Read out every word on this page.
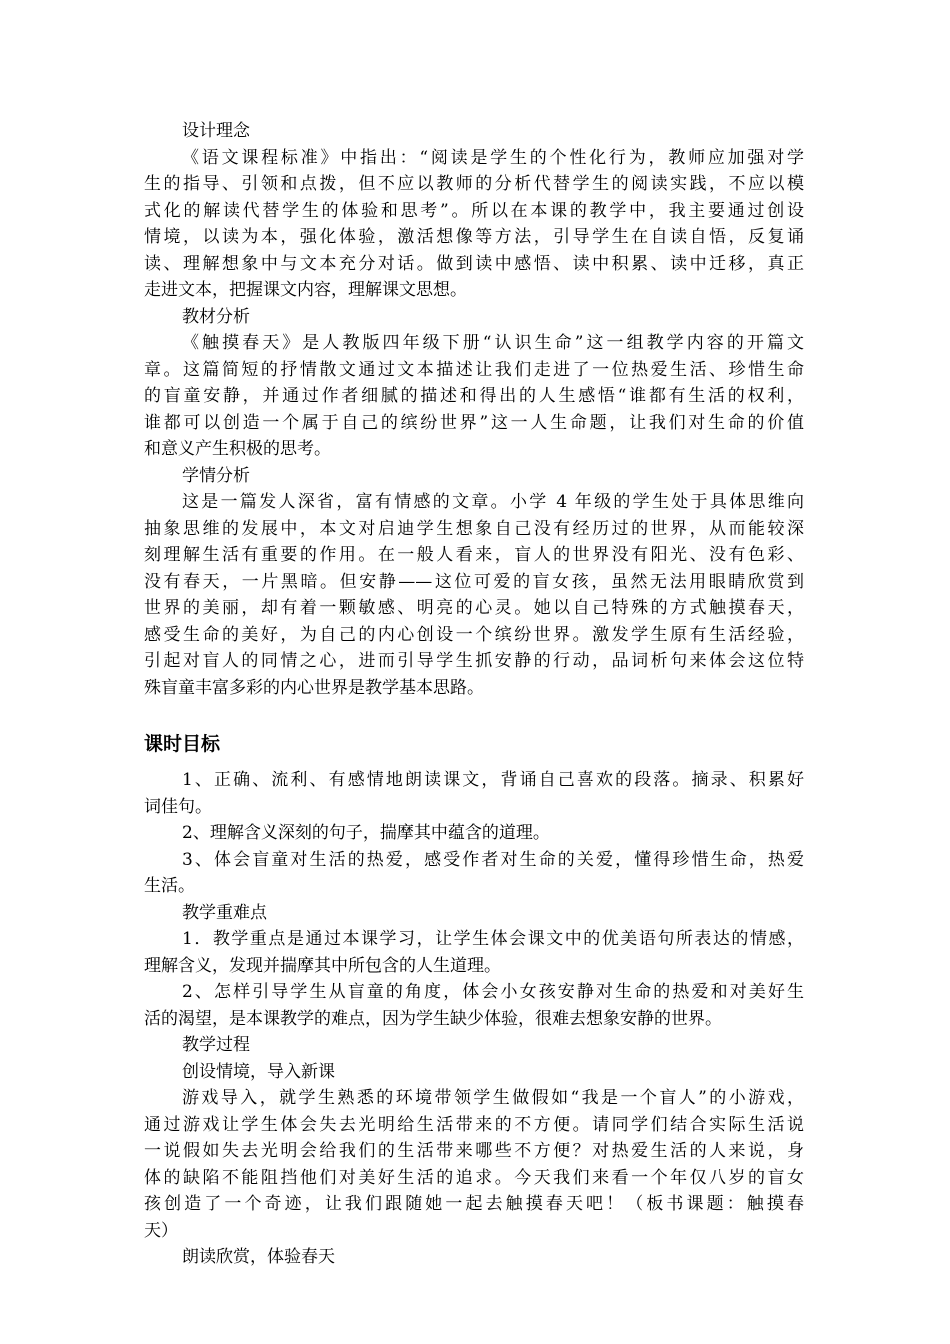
设计理念
《语文课程标准》中指出：“阅读是学生的个性化行为，教师应加强对学
生的指导、引领和点拨，但不应以教师的分析代替学生的阅读实践，不应以模
式化的解读代替学生的体验和思考”。所以在本课的教学中，我主要通过创设
情境，以读为本，强化体验，激活想像等方法，引导学生在自读自悟，反复诵
读、理解想象中与文本充分对话。做到读中感悟、读中积累、读中迁移，真正
走进文本，把握课文内容，理解课文思想。
教材分析
《触摸春天》是人教版四年级下册“认识生命”这一组教学内容的开篇文
章。这篇简短的抒情散文通过文本描述让我们走进了一位热爱生活、珍惜生命
的盲童安静，并通过作者细腻的描述和得出的人生感悟“谁都有生活的权利，
谁都可以创造一个属于自己的缤纷世界”这一人生命题，让我们对生命的价值
和意义产生积极的思考。
学情分析
这是一篇发人深省，富有情感的文章。小学 4 年级的学生处于具体思维向
抽象思维的发展中，本文对启迪学生想象自己没有经历过的世界，从而能较深
刻理解生活有重要的作用。在一般人看来，盲人的世界没有阳光、没有色彩、
没有春天，一片黑暗。但安静——这位可爱的盲女孩，虽然无法用眼睛欣赏到
世界的美丽，却有着一颗敏感、明亮的心灵。她以自己特殊的方式触摸春天，
感受生命的美好，为自己的内心创设一个缤纷世界。激发学生原有生活经验，
引起对盲人的同情之心，进而引导学生抓安静的行动，品词析句来体会这位特
殊盲童丰富多彩的内心世界是教学基本思路。
课时目标
1、正确、流利、有感情地朗读课文，背诵自己喜欢的段落。摘录、积累好
词佳句。
2、理解含义深刻的句子，揣摩其中蕴含的道理。
3、体会盲童对生活的热爱，感受作者对生命的关爱，懂得珍惜生命，热爱
生活。
教学重难点
1．教学重点是通过本课学习，让学生体会课文中的优美语句所表达的情感，
理解含义，发现并揣摩其中所包含的人生道理。
2、怎样引导学生从盲童的角度，体会小女孩安静对生命的热爱和对美好生
活的渴望，是本课教学的难点，因为学生缺少体验，很难去想象安静的世界。
教学过程
创设情境，导入新课
游戏导入，就学生熟悉的环境带领学生做假如“我是一个盲人”的小游戏，
通过游戏让学生体会失去光明给生活带来的不方便。请同学们结合实际生活说
一说假如失去光明会给我们的生活带来哪些不方便？对热爱生活的人来说，身
体的缺陷不能阻挡他们对美好生活的追求。今天我们来看一个年仅八岁的盲女
孩创造了一个奇迹，让我们跟随她一起去触摸春天吧！（板书课题：触摸春
天）
朗读欣赏，体验春天
